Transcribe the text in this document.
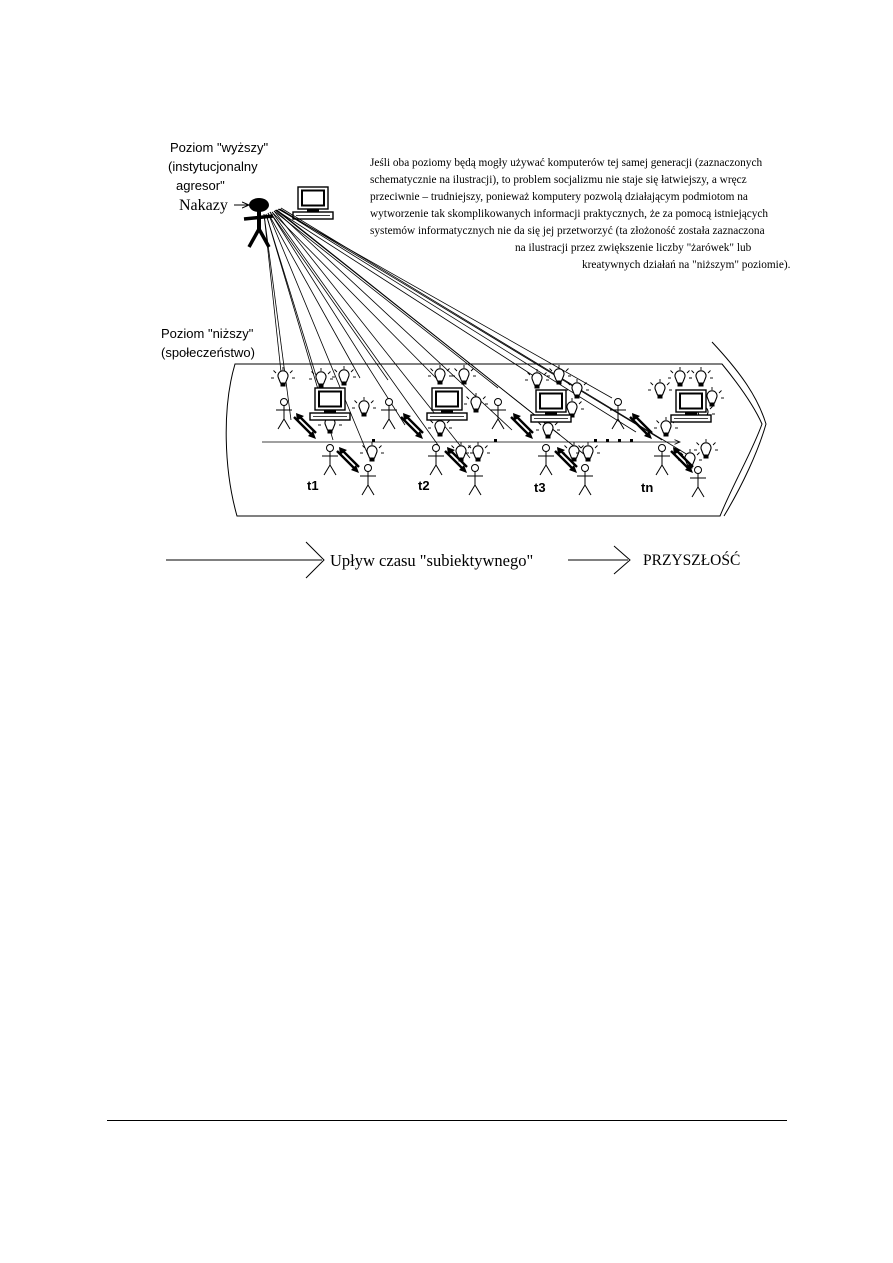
Poziom "wyższy"
(instytucjonalny
agresor"
Nakazy
Jeśli oba poziomy będą mogły używać komputerów tej samej generacji (zaznaczonych
schematycznie na ilustracji), to problem socjalizmu nie staje się łatwiejszy, a wręcz
przeciwnie – trudniejszy, ponieważ komputery pozwolą działającym podmiotom na
wytworzenie tak skomplikowanych informacji praktycznych, że za pomocą istniejących
systemów informatycznych nie da się jej przetworzyć (ta złożoność została zaznaczona
na ilustracji przez zwiększenie liczby "żarówek" lub
kreatywnych działań na "niższym" poziomie).
Poziom "niższy"
(społeczeństwo)
t1	t2	t3	tn
Upływ czasu "subiektywnego"	PRZYSZŁOŚĆ
